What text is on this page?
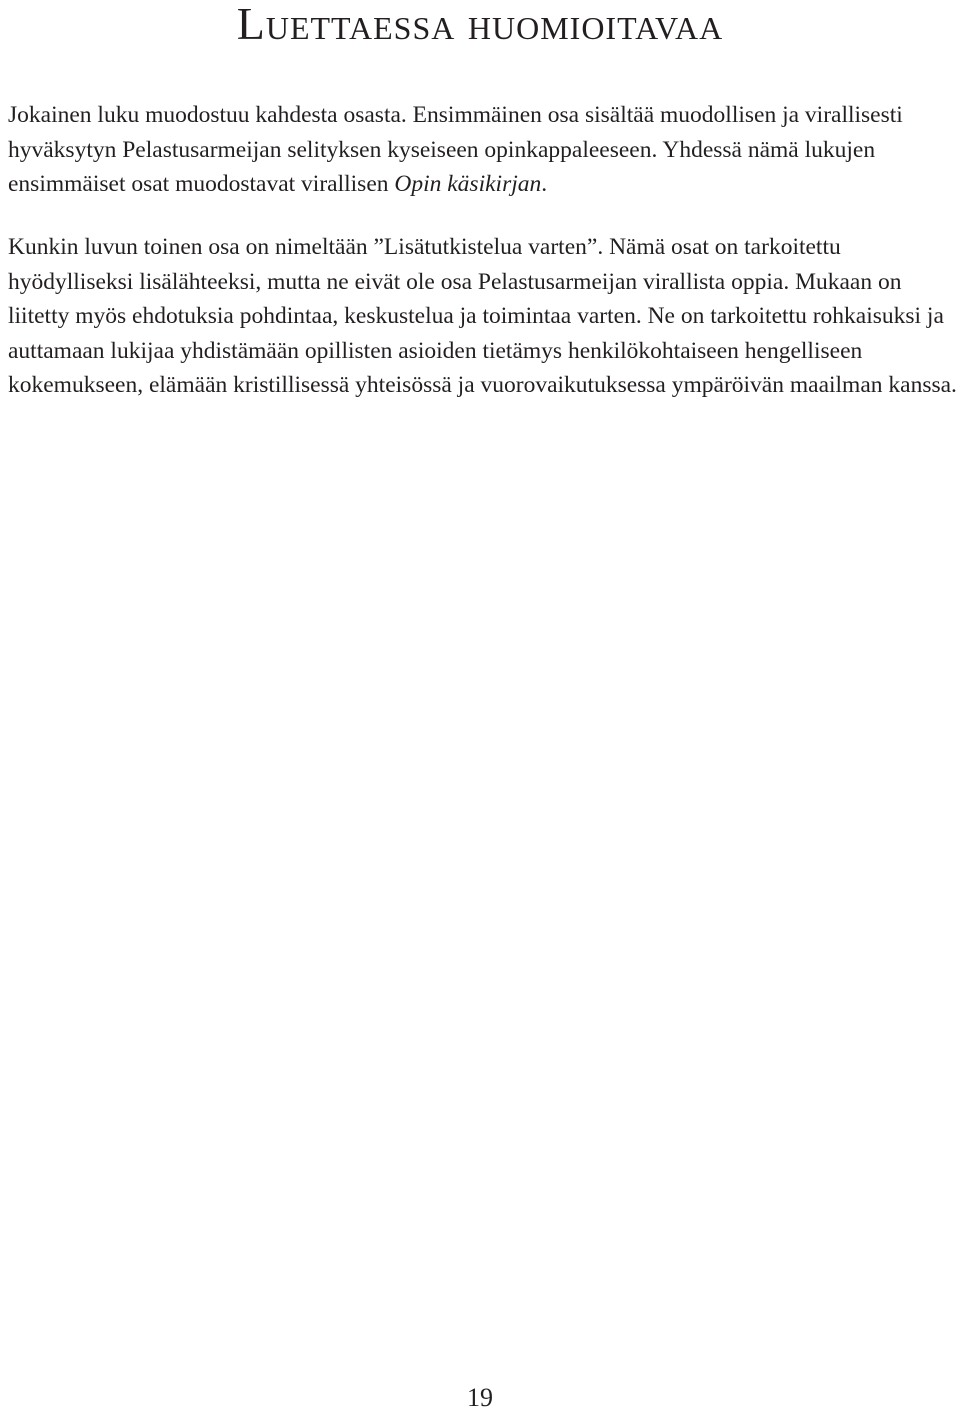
Luettaessa huomioitavaa

Jokainen luku muodostuu kahdesta osasta. Ensimmäinen osa sisältää muodollisen ja virallisesti hyväksytyn Pelastusarmeijan selityksen kyseiseen opinkappaleeseen. Yhdessä nämä lukujen ensimmäiset osat muodostavat virallisen Opin käsikirjan.

Kunkin luvun toinen osa on nimeltään ”Lisätutkistelua varten”. Nämä osat on tarkoitettu hyödylliseksi lisälähteeksi, mutta ne eivät ole osa Pelastusarmeijan virallista oppia. Mukaan on liitetty myös ehdotuksia pohdintaa, keskustelua ja toimintaa varten. Ne on tarkoitettu rohkaisuksi ja auttamaan lukijaa yhdistämään opillisten asioiden tietämys henkilökohtaiseen hengelliseen kokemukseen, elämään kristillisessä yhteisössä ja vuorovaikutuksessa ympäröivän maailman kanssa.

19
